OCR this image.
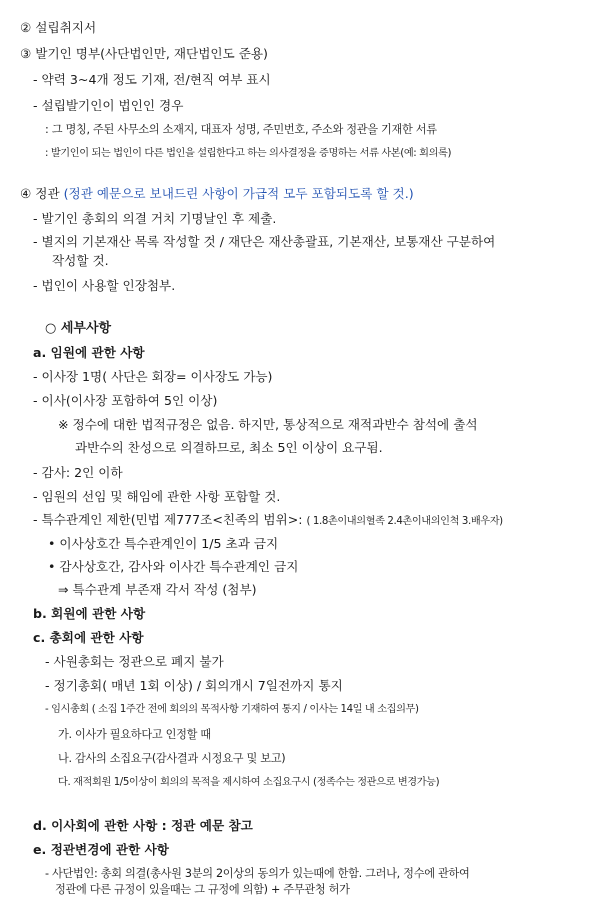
② 설립취지서
③ 발기인 명부(사단법인만, 재단법인도 준용)
- 약력 3~4개 정도 기재, 전/현직 여부 표시
- 설립발기인이 법인인 경우
: 그 명칭, 주된 사무소의 소재지, 대표자 성명, 주민번호, 주소와 정관을 기재한 서류
: 발기인이 되는 법인이 다른 법인을 설립한다고 하는 의사결정을 증명하는 서류 사본(예: 회의록)
④ 정관 (정관 예문으로 보내드린 사항이 가급적 모두 포함되도록 할 것.)
- 발기인 총회의 의결 거치 기명날인 후 제출.
- 별지의 기본재산 목록 작성할 것 / 재단은 재산총괄표, 기본재산, 보통재산 구분하여
작성할 것.
- 법인이 사용할 인장첨부.
○ 세부사항
a. 임원에 관한 사항
- 이사장 1명( 사단은 회장= 이사장도 가능)
- 이사(이사장 포함하여 5인 이상)
※ 정수에 대한 법적규정은 없음. 하지만, 통상적으로 재적과반수 참석에 출석
과반수의 찬성으로 의결하므로, 최소 5인 이상이 요구됨.
- 감사: 2인 이하
- 임원의 선임 및 해임에 관한 사항 포함할 것.
- 특수관계인 제한(민법 제777조<친족의 범위>: ( 1.8촌이내의혈족 2.4촌이내의인척 3.배우자)
• 이사상호간 특수관계인이 1/5 초과 금지
• 감사상호간, 감사와 이사간 특수관계인 금지
⇒ 특수관계 부존재 각서 작성 (첨부)
b. 회원에 관한 사항
c. 총회에 관한 사항
- 사원총회는 정관으로 폐지 불가
- 정기총회( 매년 1회 이상) / 회의개시 7일전까지 통지
- 임시총회 ( 소집 1주간 전에 회의의 목적사항 기재하여 통지 / 이사는 14일 내 소집의무)
가. 이사가 필요하다고 인정할 때
나. 감사의 소집요구(감사결과 시정요구 및 보고)
다. 재적회원 1/5이상이 회의의 목적을 제시하여 소집요구시 (정족수는 정관으로 변경가능)
d. 이사회에 관한 사항 : 정관 예문 참고
e. 정관변경에 관한 사항
- 사단법인: 총회 의결(총사원 3분의 2이상의 동의가 있는때에 한함. 그러나, 정수에 관하여
정관에 다른 규정이 있을때는 그 규정에 의함) + 주무관청 허가
